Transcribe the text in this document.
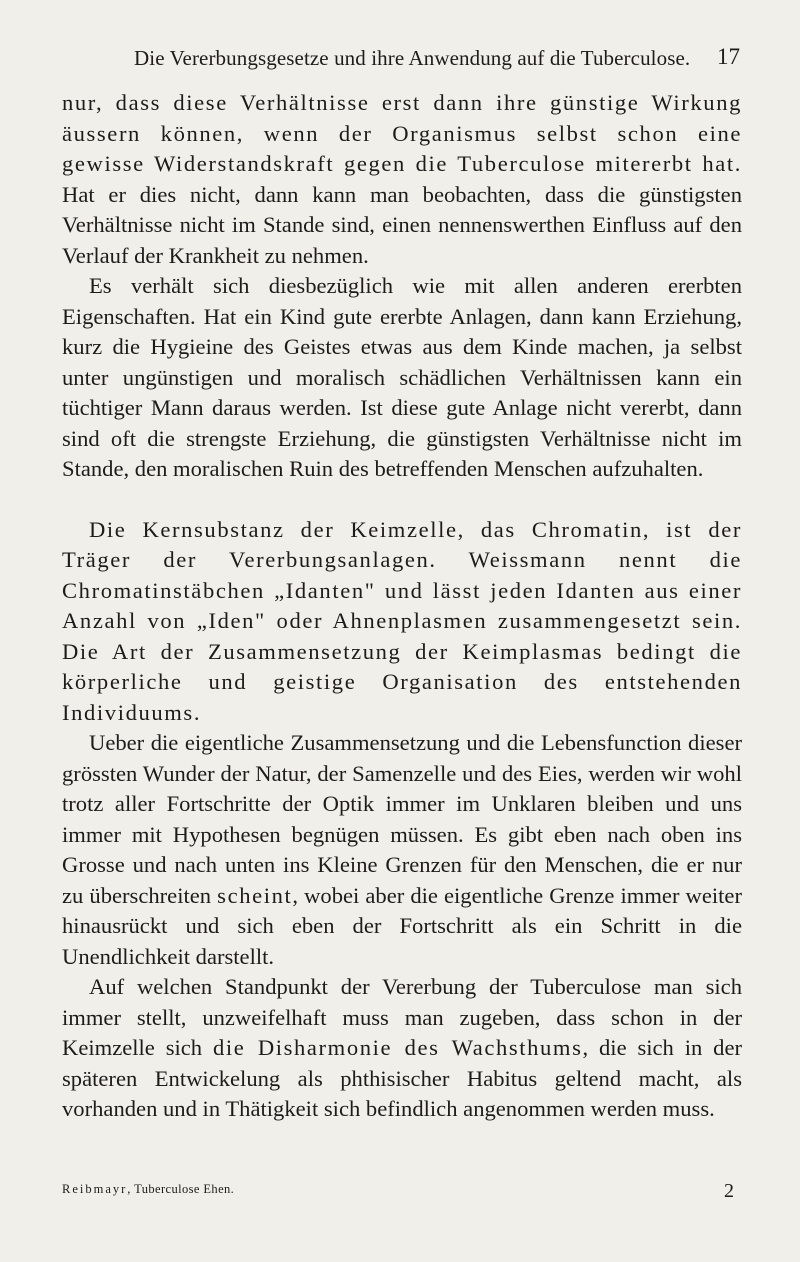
Die Vererbungsgesetze und ihre Anwendung auf die Tuberculose. 17

nur, dass diese Verhältnisse erst dann ihre günstige Wirkung äussern können, wenn der Organismus selbst schon eine gewisse Widerstandskraft gegen die Tuberculose mitererbt hat. Hat er dies nicht, dann kann man beobachten, dass die günstigsten Verhältnisse nicht im Stande sind, einen nennenswerthen Einfluss auf den Verlauf der Krankheit zu nehmen.

Es verhält sich diesbezüglich wie mit allen anderen ererbten Eigenschaften. Hat ein Kind gute ererbte Anlagen, dann kann Erziehung, kurz die Hygieine des Geistes etwas aus dem Kinde machen, ja selbst unter ungünstigen und moralisch schädlichen Verhältnissen kann ein tüchtiger Mann daraus werden. Ist diese gute Anlage nicht vererbt, dann sind oft die strengste Erziehung, die günstigsten Verhältnisse nicht im Stande, den moralischen Ruin des betreffenden Menschen aufzuhalten.

Die Kernsubstanz der Keimzelle, das Chromatin, ist der Träger der Vererbungsanlagen. Weissmann nennt die Chromatinstäbchen „Idanten" und lässt jeden Idanten aus einer Anzahl von „Iden" oder Ahnenplasmen zusammengesetzt sein. Die Art der Zusammensetzung der Keimplasmas bedingt die körperliche und geistige Organisation des entstehenden Individuums.

Ueber die eigentliche Zusammensetzung und die Lebensfunction dieser grössten Wunder der Natur, der Samenzelle und des Eies, werden wir wohl trotz aller Fortschritte der Optik immer im Unklaren bleiben und uns immer mit Hypothesen begnügen müssen. Es gibt eben nach oben ins Grosse und nach unten ins Kleine Grenzen für den Menschen, die er nur zu überschreiten scheint, wobei aber die eigentliche Grenze immer weiter hinausrückt und sich eben der Fortschritt als ein Schritt in die Unendlichkeit darstellt.

Auf welchen Standpunkt der Vererbung der Tuberculose man sich immer stellt, unzweifelhaft muss man zugeben, dass schon in der Keimzelle sich die Disharmonie des Wachsthums, die sich in der späteren Entwickelung als phthisischer Habitus geltend macht, als vorhanden und in Thätigkeit sich befindlich angenommen werden muss.

Reibmayr, Tuberculose Ehen.	2
